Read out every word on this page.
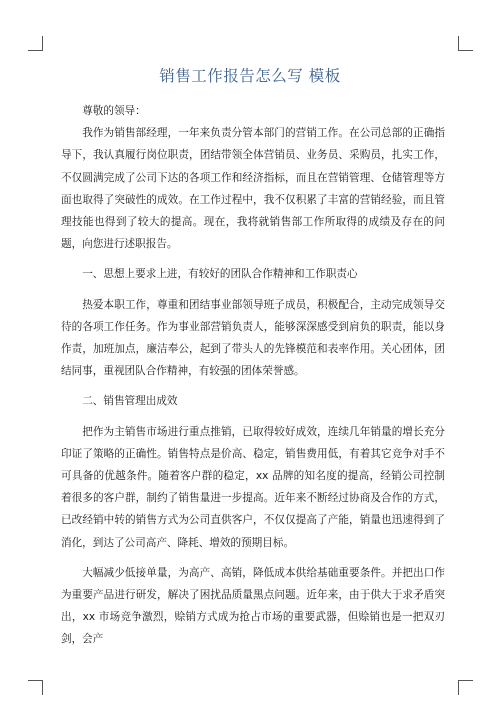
销售工作报告怎么写 模板

尊敬的领导：

我作为销售部经理，一年来负责分管本部门的营销工作。在公司总部的正确指导下，我认真履行岗位职责，团结带领全体营销员、业务员、采购员，扎实工作，不仅圆满完成了公司下达的各项工作和经济指标，而且在营销管理、仓储管理等方面也取得了突破性的成效。在工作过程中，我不仅积累了丰富的营销经验，而且管理技能也得到了较大的提高。现在，我将就销售部工作所取得的成绩及存在的问题，向您进行述职报告。

一、思想上要求上进，有较好的团队合作精神和工作职责心

热爱本职工作，尊重和团结事业部领导班子成员，积极配合，主动完成领导交待的各项工作任务。作为事业部营销负责人，能够深深感受到肩负的职责，能以身作责，加班加点，廉洁奉公，起到了带头人的先锋模范和表率作用。关心团体，团结同事，重视团队合作精神，有较强的团体荣誉感。

二、销售管理出成效

把作为主销售市场进行重点推销，已取得较好成效，连续几年销量的增长充分印证了策略的正确性。销售特点是价高、稳定，销售费用低，有着其它竞争对手不可具备的优越条件。随着客户群的稳定，xx 品牌的知名度的提高，经销公司控制着很多的客户群，制约了销售量进一步提高。近年来不断经过协商及合作的方式，已改经销中转的销售方式为公司直供客户，不仅仅提高了产能，销量也迅速得到了消化，到达了公司高产、降耗、增效的预期目标。

大幅减少低接单量，为高产、高销，降低成本供给基础重要条件。并把出口作为重要产品进行研发，解决了困扰品质量黑点问题。近年来，由于供大于求矛盾突出，xx 市场竞争激烈，赊销方式成为抢占市场的重要武器，但赊销也是一把双刃剑，会产
